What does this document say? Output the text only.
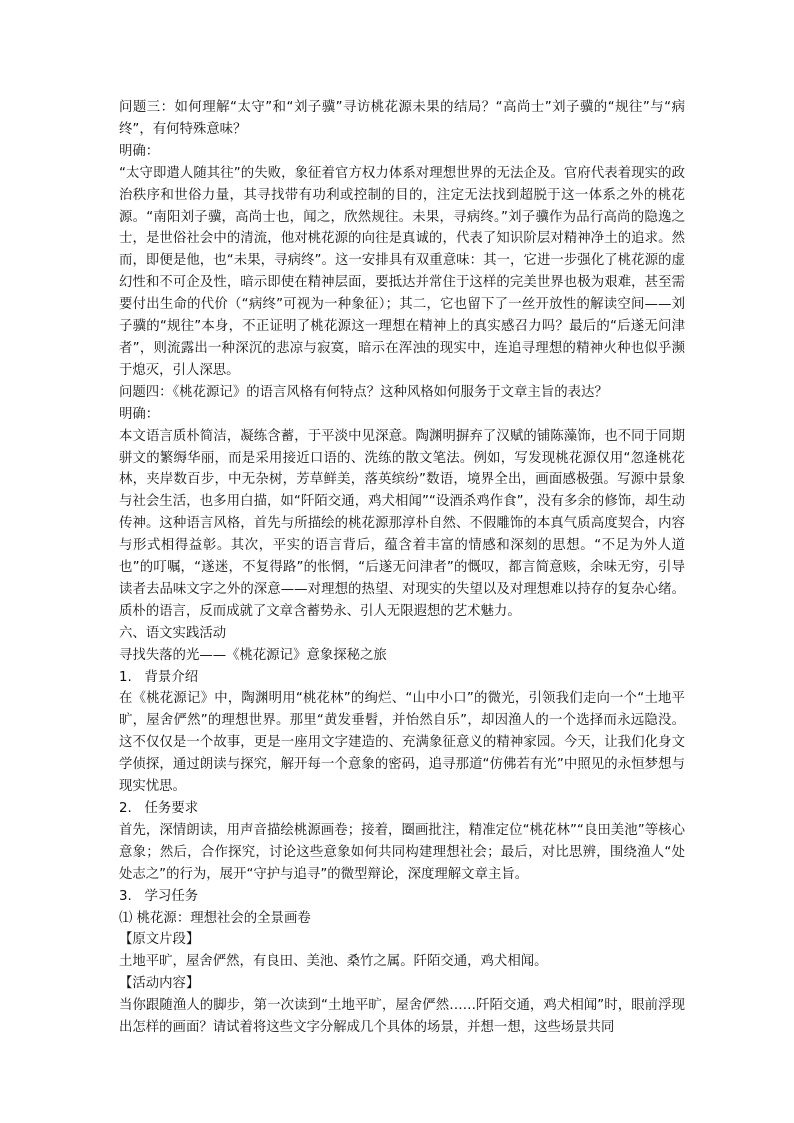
问题三：如何理解“太守”和“刘子骥”寻访桃花源未果的结局？“高尚士”刘子骥的“规往”与“病终”，有何特殊意味？

明确：

“太守即遣人随其往”的失败，象征着官方权力体系对理想世界的无法企及。官府代表着现实的政治秩序和世俗力量，其寻找带有功利或控制的目的，注定无法找到超脱于这一体系之外的桃花源。“南阳刘子骥，高尚士也，闻之，欣然规往。未果，寻病终。”刘子骥作为品行高尚的隐逸之士，是世俗社会中的清流，他对桃花源的向往是真诚的，代表了知识阶层对精神净土的追求。然而，即便是他，也“未果，寻病终”。这一安排具有双重意味：其一，它进一步强化了桃花源的虚幻性和不可企及性，暗示即使在精神层面，要抵达并常住于这样的完美世界也极为艰难，甚至需要付出生命的代价（“病终”可视为一种象征）；其二，它也留下了一丝开放性的解读空间——刘子骥的“规往”本身，不正证明了桃花源这一理想在精神上的真实感召力吗？最后的“后遂无问津者”，则流露出一种深沉的悲凉与寂寞，暗示在浑浊的现实中，连追寻理想的精神火种也似乎濒于熄灭，引人深思。

问题四：《桃花源记》的语言风格有何特点？这种风格如何服务于文章主旨的表达？

明确：

本文语言质朴简洁，凝练含蓄，于平淡中见深意。陶渊明摒弃了汉赋的铺陈藻饰，也不同于同期骈文的繁缛华丽，而是采用接近口语的、洗练的散文笔法。例如，写发现桃花源仅用“忽逢桃花林，夹岸数百步，中无杂树，芳草鲜美，落英缤纷”数语，境界全出，画面感极强。写源中景象与社会生活，也多用白描，如“阡陌交通，鸡犬相闻”“设酒杀鸡作食”，没有多余的修饰，却生动传神。这种语言风格，首先与所描绘的桃花源那淳朴自然、不假雕饰的本真气质高度契合，内容与形式相得益彰。其次，平实的语言背后，蕴含着丰富的情感和深刻的思想。“不足为外人道也”的叮嘱，“遂迷，不复得路”的怅惘，“后遂无问津者”的慨叹，都言简意赅，余味无穷，引导读者去品味文字之外的深意——对理想的热望、对现实的失望以及对理想难以持存的复杂心绪。质朴的语言，反而成就了文章含蓄势永、引人无限遐想的艺术魅力。

六、语文实践活动

寻找失落的光——《桃花源记》意象探秘之旅

1.   背景介绍

在《桃花源记》中，陶渊明用“桃花林”的绚烂、“山中小口”的微光，引领我们走向一个“土地平旷，屋舍俨然”的理想世界。那里“黄发垂髫，并怡然自乐”，却因渔人的一个选择而永远隐没。这不仅仅是一个故事，更是一座用文字建造的、充满象征意义的精神家园。今天，让我们化身文学侦探，通过朗读与探究，解开每一个意象的密码，追寻那道“仿佛若有光”中照见的永恒梦想与现实忧思。

2.   任务要求

首先，深情朗读，用声音描绘桃源画卷；接着，圈画批注，精准定位“桃花林”“良田美池”等核心意象；然后，合作探究，讨论这些意象如何共同构建理想社会；最后，对比思辨，围绕渔人“处处志之”的行为，展开“守护与追寻”的微型辩论，深度理解文章主旨。

3.   学习任务

⑴ 桃花源：理想社会的全景画卷

【原文片段】

土地平旷，屋舍俨然，有良田、美池、桑竹之属。阡陌交通，鸡犬相闻。

【活动内容】

当你跟随渔人的脚步，第一次读到“土地平旷，屋舍俨然……阡陌交通，鸡犬相闻”时，眼前浮现出怎样的画面？请试着将这些文字分解成几个具体的场景，并想一想，这些场景共同
